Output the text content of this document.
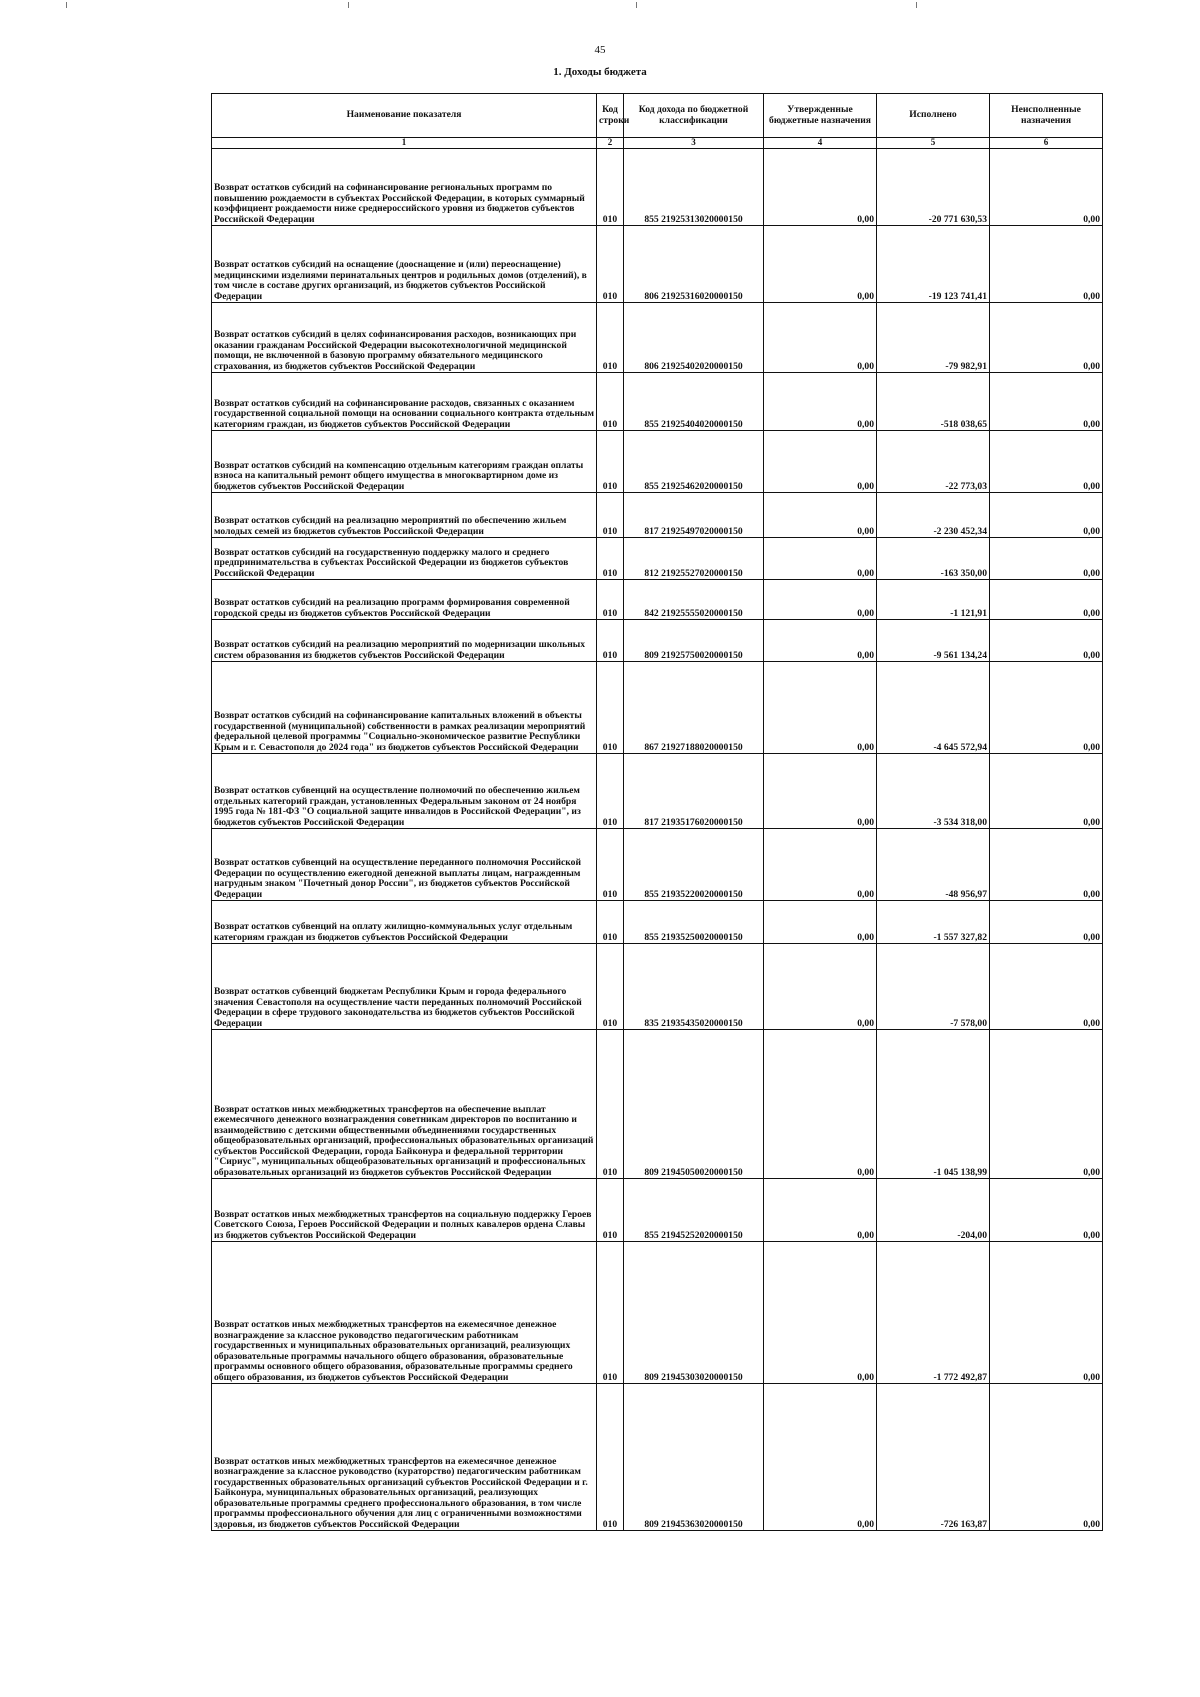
45
1. Доходы бюджета
Наименование показателя	Код строки	Код дохода по бюджетной классификации	Утвержденные бюджетные назначения	Исполнено	Неисполненные назначения
1	2	3	4	5	6
Возврат остатков субсидий на софинансирование региональных программ по повышению рождаемости в субъектах Российской Федерации, в которых суммарный коэффициент рождаемости ниже среднероссийского уровня из бюджетов субъектов Российской Федерации	010	855 21925313020000150	0,00	-20 771 630,53	0,00
Возврат остатков субсидий на оснащение (дооснащение и (или) переоснащение) медицинскими изделиями перинатальных центров и родильных домов (отделений), в том числе в составе других организаций, из бюджетов субъектов Российской Федерации	010	806 21925316020000150	0,00	-19 123 741,41	0,00
Возврат остатков субсидий в целях софинансирования расходов, возникающих при оказании гражданам Российской Федерации высокотехнологичной медицинской помощи, не включенной в базовую программу обязательного медицинского страхования, из бюджетов субъектов Российской Федерации	010	806 21925402020000150	0,00	-79 982,91	0,00
Возврат остатков субсидий на софинансирование расходов, связанных с оказанием государственной социальной помощи на основании социального контракта отдельным категориям граждан, из бюджетов субъектов Российской Федерации	010	855 21925404020000150	0,00	-518 038,65	0,00
Возврат остатков субсидий на компенсацию отдельным категориям граждан оплаты взноса на капитальный ремонт общего имущества в многоквартирном доме из бюджетов субъектов Российской Федерации	010	855 21925462020000150	0,00	-22 773,03	0,00
Возврат остатков субсидий на реализацию мероприятий по обеспечению жильем молодых семей из бюджетов субъектов Российской Федерации	010	817 21925497020000150	0,00	-2 230 452,34	0,00
Возврат остатков субсидий на государственную поддержку малого и среднего предпринимательства в субъектах Российской Федерации из бюджетов субъектов Российской Федерации	010	812 21925527020000150	0,00	-163 350,00	0,00
Возврат остатков субсидий на реализацию программ формирования современной городской среды из бюджетов субъектов Российской Федерации	010	842 21925555020000150	0,00	-1 121,91	0,00
Возврат остатков субсидий на реализацию мероприятий по модернизации школьных систем образования из бюджетов субъектов Российской Федерации	010	809 21925750020000150	0,00	-9 561 134,24	0,00
Возврат остатков субсидий на софинансирование капитальных вложений в объекты государственной (муниципальной) собственности в рамках реализации мероприятий федеральной целевой программы "Социально-экономическое развитие Республики Крым и г. Севастополя до 2024 года" из бюджетов субъектов Российской Федерации	010	867 21927188020000150	0,00	-4 645 572,94	0,00
Возврат остатков субвенций на осуществление полномочий по обеспечению жильем отдельных категорий граждан, установленных Федеральным законом от 24 ноября 1995 года № 181-ФЗ "О социальной защите инвалидов в Российской Федерации", из бюджетов субъектов Российской Федерации	010	817 21935176020000150	0,00	-3 534 318,00	0,00
Возврат остатков субвенций на осуществление переданного полномочия Российской Федерации по осуществлению ежегодной денежной выплаты лицам, награжденным нагрудным знаком "Почетный донор России", из бюджетов субъектов Российской Федерации	010	855 21935220020000150	0,00	-48 956,97	0,00
Возврат остатков субвенций на оплату жилищно-коммунальных услуг отдельным категориям граждан из бюджетов субъектов Российской Федерации	010	855 21935250020000150	0,00	-1 557 327,82	0,00
Возврат остатков субвенций бюджетам Республики Крым и города федерального значения Севастополя на осуществление части переданных полномочий Российской Федерации в сфере трудового законодательства из бюджетов субъектов Российской Федерации	010	835 21935435020000150	0,00	-7 578,00	0,00
Возврат остатков иных межбюджетных трансфертов на обеспечение выплат ежемесячного денежного вознаграждения советникам директоров по воспитанию и взаимодействию с детскими общественными объединениями государственных общеобразовательных организаций, профессиональных образовательных организаций субъектов Российской Федерации, города Байконура и федеральной территории "Сириус", муниципальных общеобразовательных организаций и профессиональных образовательных организаций из бюджетов субъектов Российской Федерации	010	809 21945050020000150	0,00	-1 045 138,99	0,00
Возврат остатков иных межбюджетных трансфертов на социальную поддержку Героев Советского Союза, Героев Российской Федерации и полных кавалеров ордена Славы из бюджетов субъектов Российской Федерации	010	855 21945252020000150	0,00	-204,00	0,00
Возврат остатков иных межбюджетных трансфертов на ежемесячное денежное вознаграждение за классное руководство педагогическим работникам государственных и муниципальных образовательных организаций, реализующих образовательные программы начального общего образования, образовательные программы основного общего образования, образовательные программы среднего общего образования, из бюджетов субъектов Российской Федерации	010	809 21945303020000150	0,00	-1 772 492,87	0,00
Возврат остатков иных межбюджетных трансфертов на ежемесячное денежное вознаграждение за классное руководство (кураторство) педагогическим работникам государственных образовательных организаций субъектов Российской Федерации и г. Байконура, муниципальных образовательных организаций, реализующих образовательные программы среднего профессионального образования, в том числе программы профессионального обучения для лиц с ограниченными возможностями здоровья, из бюджетов субъектов Российской Федерации	010	809 21945363020000150	0,00	-726 163,87	0,00
